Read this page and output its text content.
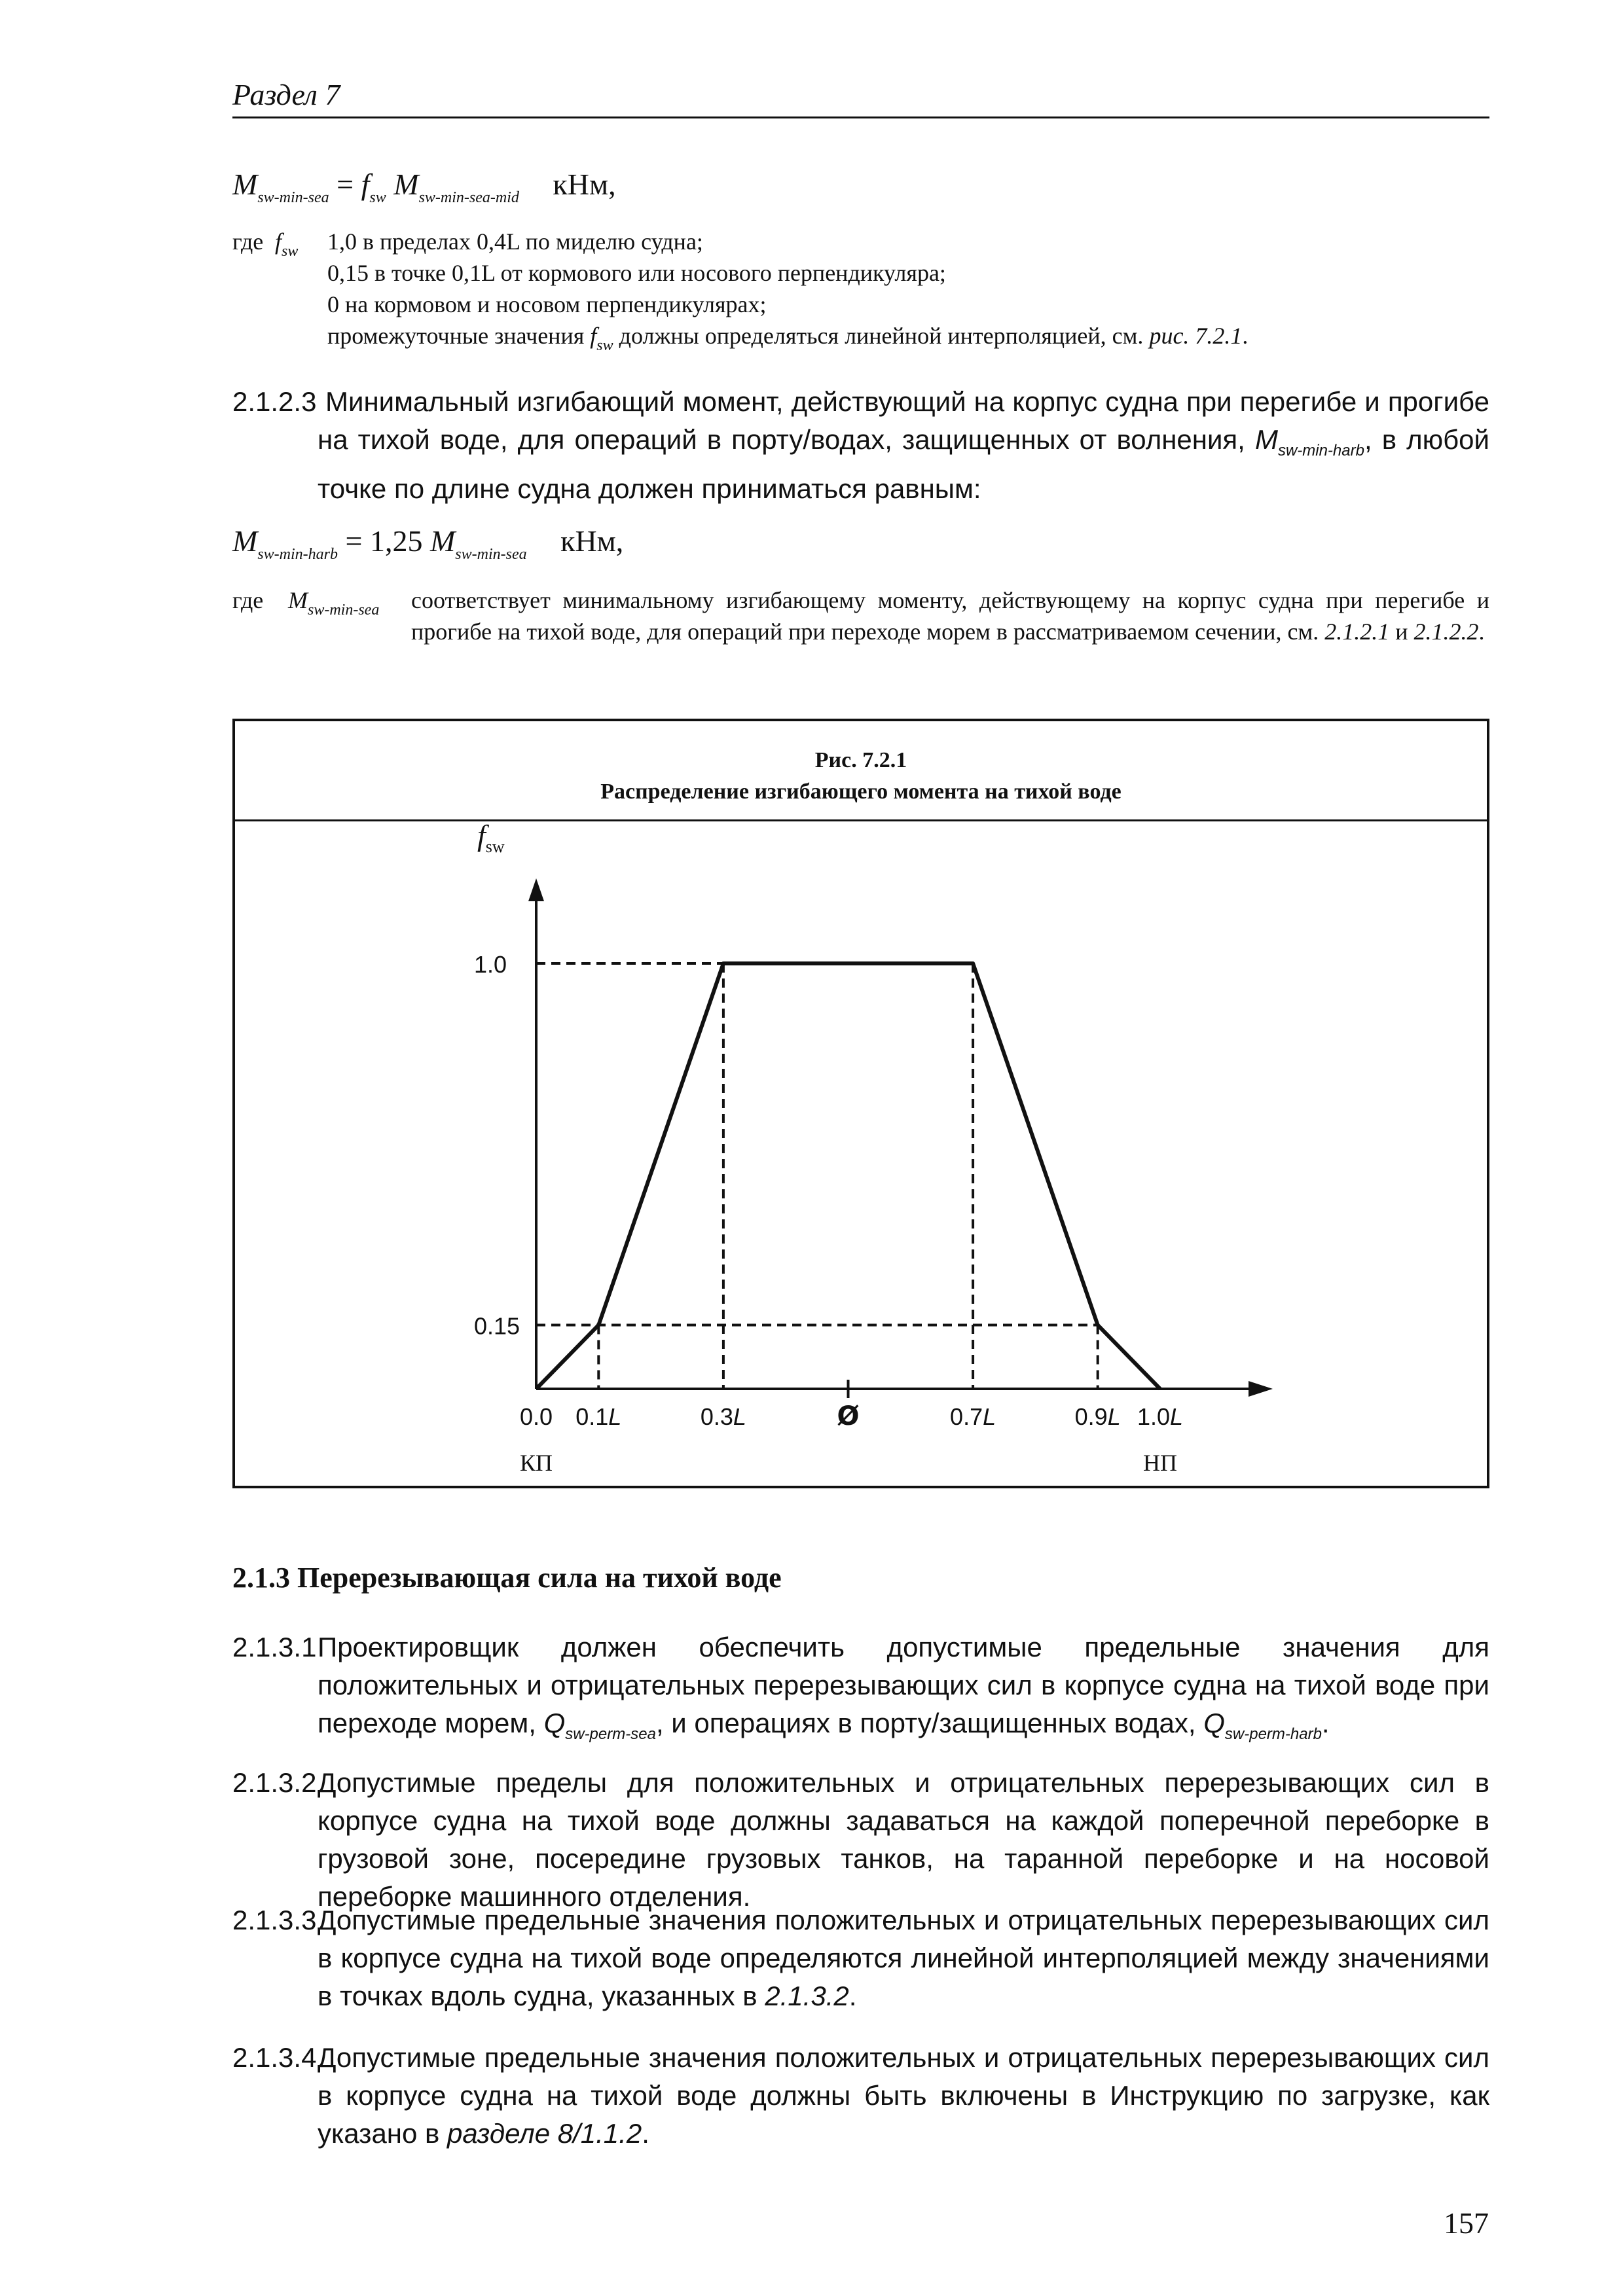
Раздел 7
$M_{sw-min-sea} = f_{sw}$ $M_{sw-min-sea-mid}$ кНм,
где $f_{sw}$ 1,0 в пределах 0,4L по миделю судна;
0,15 в точке 0,1L от кормового или носового перпендикуляра;
0 на кормовом и носовом перпендикулярах;
промежуточные значения $f_{sw}$ должны определяться линейной интерполяцией, см. рис. 7.2.1.
2.1.2.3 Минимальный изгибающий момент, действующий на корпус судна при перегибе и прогибе на тихой воде, для операций в порту/водах, защищенных от волнения, $M_{sw-min-harb}$, в любой точке по длине судна должен приниматься равным:
$M_{sw-min-harb} = 1,25$ $M_{sw-min-sea}$ кНм,
где $M_{sw-min-sea}$ соответствует минимальному изгибающему моменту, действующему на корпус судна при перегибе и прогибе на тихой воде, для операций при переходе морем в рассматриваемом сечении, см. 2.1.2.1 и 2.1.2.2.
Рис. 7.2.1
Распределение изгибающего момента на тихой воде
$f_{sw}$
1.0
0.15
0.0 0.1L	0.3L	0.7L	0.9L 1.0L
Ø
КП	НП
2.1.3 Перерезывающая сила на тихой воде
2.1.3.1 Проектировщик должен обеспечить допустимые предельные значения для положительных и отрицательных перерезывающих сил в корпусе судна на тихой воде при переходе морем, $Q_{sw-perm-sea}$, и операциях в порту/защищенных водах, $Q_{sw-perm-harb}$.
2.1.3.2 Допустимые пределы для положительных и отрицательных перерезывающих сил в корпусе судна на тихой воде должны задаваться на каждой поперечной переборке в грузовой зоне, посередине грузовых танков, на таранной переборке и на носовой переборке машинного отделения.
2.1.3.3 Допустимые предельные значения положительных и отрицательных перерезывающих сил в корпусе судна на тихой воде определяются линейной интерполяцией между значениями в точках вдоль судна, указанных в 2.1.3.2.
2.1.3.4 Допустимые предельные значения положительных и отрицательных перерезывающих сил в корпусе судна на тихой воде должны быть включены в Инструкцию по загрузке, как указано в разделе 8/1.1.2.
157
